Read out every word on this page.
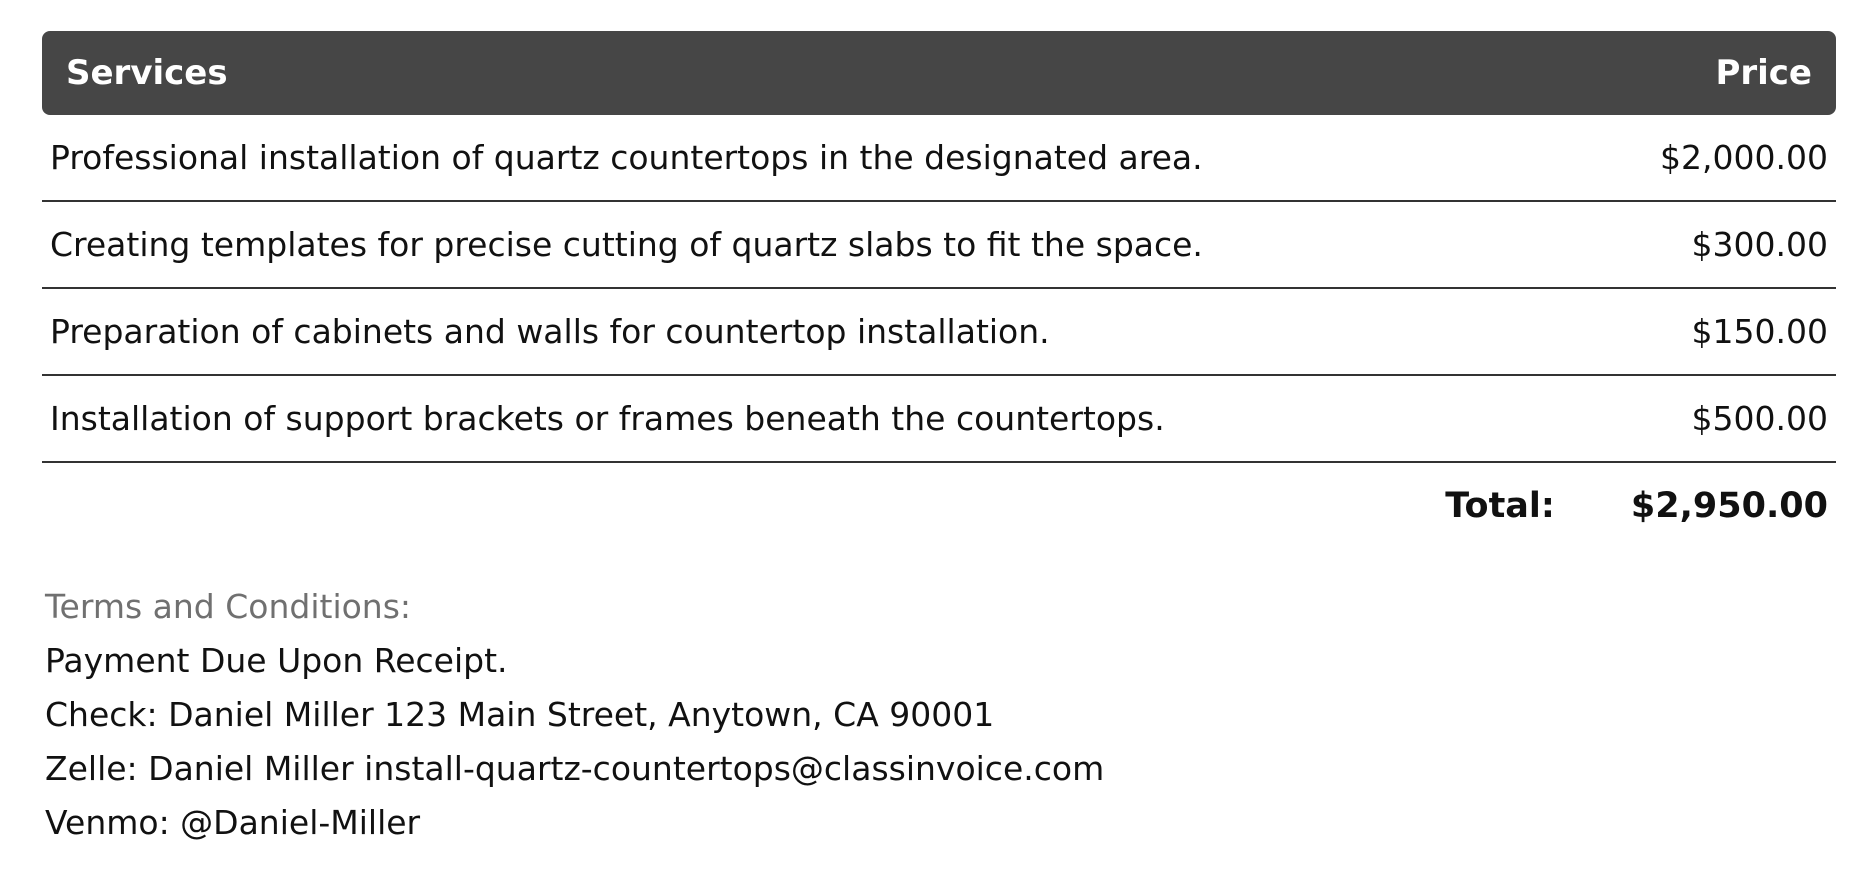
Services	Price
Professional installation of quartz countertops in the designated area.	$2,000.00
Creating templates for precise cutting of quartz slabs to fit the space.	$300.00
Preparation of cabinets and walls for countertop installation.	$150.00
Installation of support brackets or frames beneath the countertops.	$500.00
Total: $2,950.00
Terms and Conditions:
Payment Due Upon Receipt.
Check: Daniel Miller 123 Main Street, Anytown, CA 90001
Zelle: Daniel Miller install-quartz-countertops@classinvoice.com
Venmo: @Daniel-Miller
